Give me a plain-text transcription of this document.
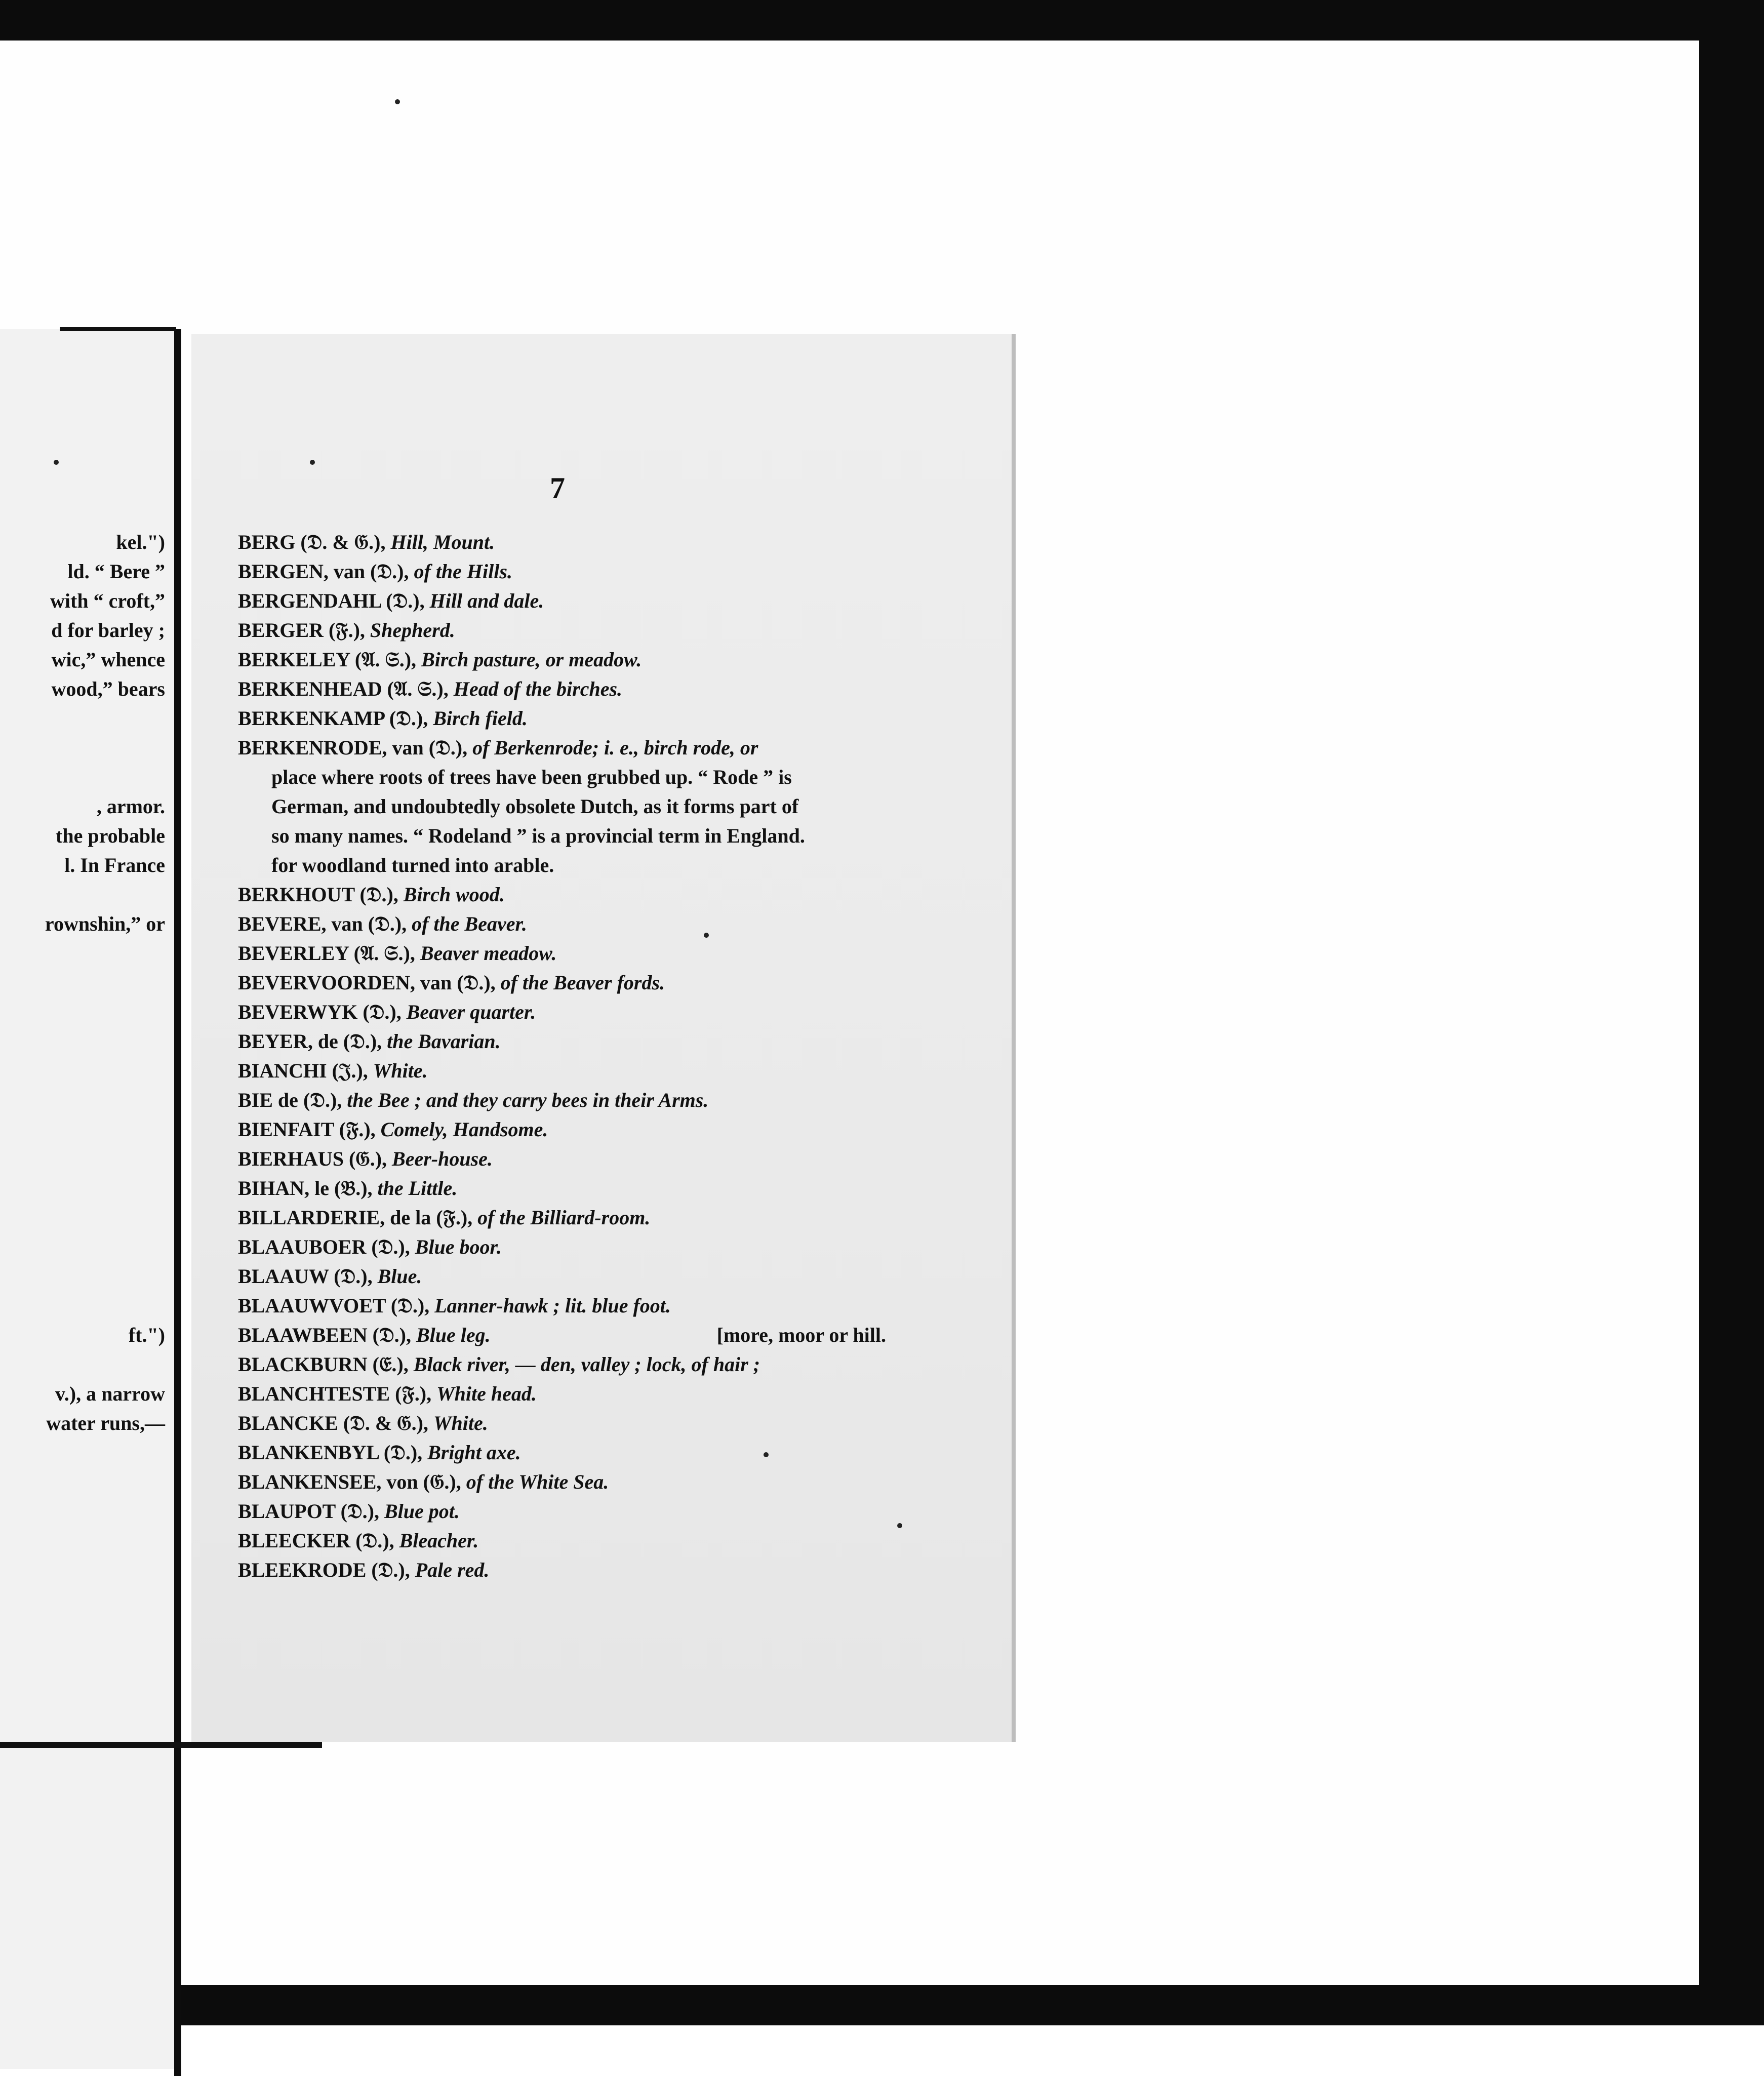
kel.")
ld. “ Bere ”
with “ croft,”
d for barley ;
wic,” whence
wood,” bears

, armor.
the probable
l. In France

rownshin,” or

ft.")

v.), a narrow
water runs,—
7
BERG (𝔇. & 𝔊.), Hill, Mount.
BERGEN, van (𝔇.), of the Hills.
BERGENDAHL (𝔇.), Hill and dale.
BERGER (𝔉.), Shepherd.
BERKELEY (𝔄. 𝔖.), Birch pasture, or meadow.
BERKENHEAD (𝔄. 𝔖.), Head of the birches.
BERKENKAMP (𝔇.), Birch field.
BERKENRODE, van (𝔇.), of Berkenrode; i. e., birch rode, or
place where roots of trees have been grubbed up. “ Rode ” is
German, and undoubtedly obsolete Dutch, as it forms part of
so many names. “ Rodeland ” is a provincial term in England.
for woodland turned into arable.
BERKHOUT (𝔇.), Birch wood.
BEVERE, van (𝔇.), of the Beaver.
BEVERLEY (𝔄. 𝔖.), Beaver meadow.
BEVERVOORDEN, van (𝔇.), of the Beaver fords.
BEVERWYK (𝔇.), Beaver quarter.
BEYER, de (𝔇.), the Bavarian.
BIANCHI (𝔍.), White.
BIE de (𝔇.), the Bee ; and they carry bees in their Arms.
BIENFAIT (𝔉.), Comely, Handsome.
BIERHAUS (𝔊.), Beer-house.
BIHAN, le (𝔅.), the Little.
BILLARDERIE, de la (𝔉.), of the Billiard-room.
BLAAUBOER (𝔇.), Blue boor.
BLAAUW (𝔇.), Blue.
BLAAUWVOET (𝔇.), Lanner-hawk ; lit. blue foot.
BLAAWBEEN (𝔇.), Blue leg.	[more, moor or hill.
BLACKBURN (𝔈.), Black river, — den, valley ; lock, of hair ;
BLANCHTESTE (𝔉.), White head.
BLANCKE (𝔇. & 𝔊.), White.
BLANKENBYL (𝔇.), Bright axe.
BLANKENSEE, von (𝔊.), of the White Sea.
BLAUPOT (𝔇.), Blue pot.
BLEECKER (𝔇.), Bleacher.
BLEEKRODE (𝔇.), Pale red.
